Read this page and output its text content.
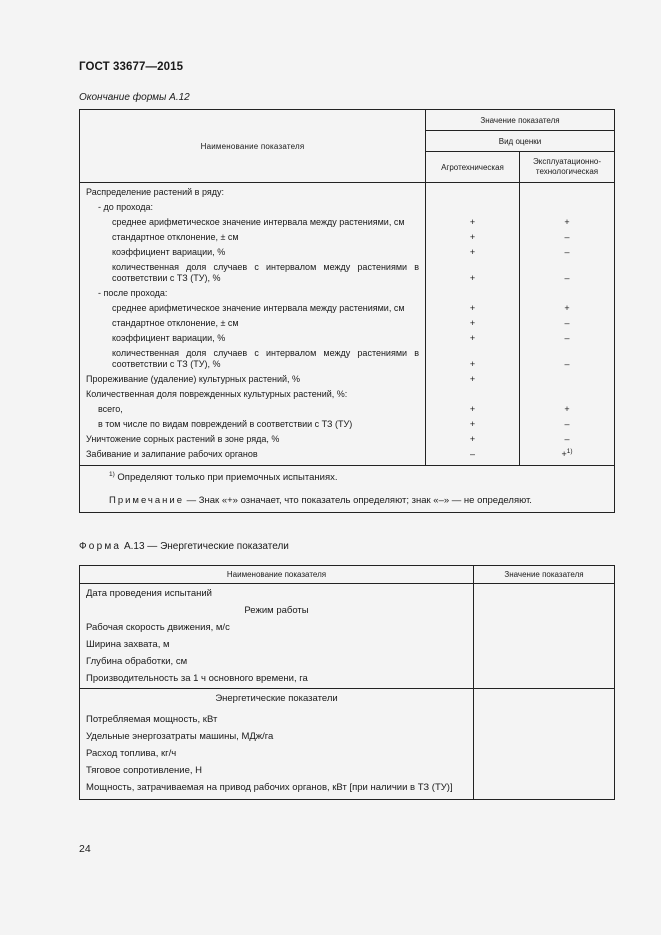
ГОСТ 33677—2015
Окончание формы А.12
Наименование показателя	Значение показателя	
	Вид оценки	
	Агротехническая	Эксплуатационно-
технологическая
Распределение растений в ряду:		
- до прохода:		
среднее арифметическое значение интервала между растениями, см	+	+
стандартное отклонение, ± см	+	–
коэффициент вариации, %	+	–
количественная доля случаев с интервалом между растениями в соответствии с ТЗ (ТУ), %	+	–
- после прохода:		
среднее арифметическое значение интервала между растениями, см	+	+
стандартное отклонение, ± см	+	–
коэффициент вариации, %	+	–
количественная доля случаев с интервалом между растениями в соответствии с ТЗ (ТУ), %	+	–
Прореживание (удаление) культурных растений, %	+	
Количественная доля поврежденных культурных растений, %:		
всего,	+	+
в том числе по видам повреждений в соответствии с ТЗ (ТУ)	+	–
Уничтожение сорных растений в зоне ряда, %	+	–
Забивание и залипание рабочих органов	–	+$^{1)}$
$^{1)}$ Определяют только при приемочных испытаниях.		
Примечание — Знак «+» означает, что показатель определяют; знак «–» — не определяют.		
Форма А.13 — Энергетические показатели
Наименование показателя	Значение показателя
Дата проведения испытаний	
Режим работы	
Рабочая скорость движения, м/с	
Ширина захвата, м	
Глубина обработки, см	
Производительность за 1 ч основного времени, га	
Энергетические показатели	
Потребляемая мощность, кВт	
Удельные энергозатраты машины, МДж/га	
Расход топлива, кг/ч	
Тяговое сопротивление, Н	
Мощность, затрачиваемая на привод рабочих органов, кВт [при наличии в ТЗ (ТУ)]	
24
